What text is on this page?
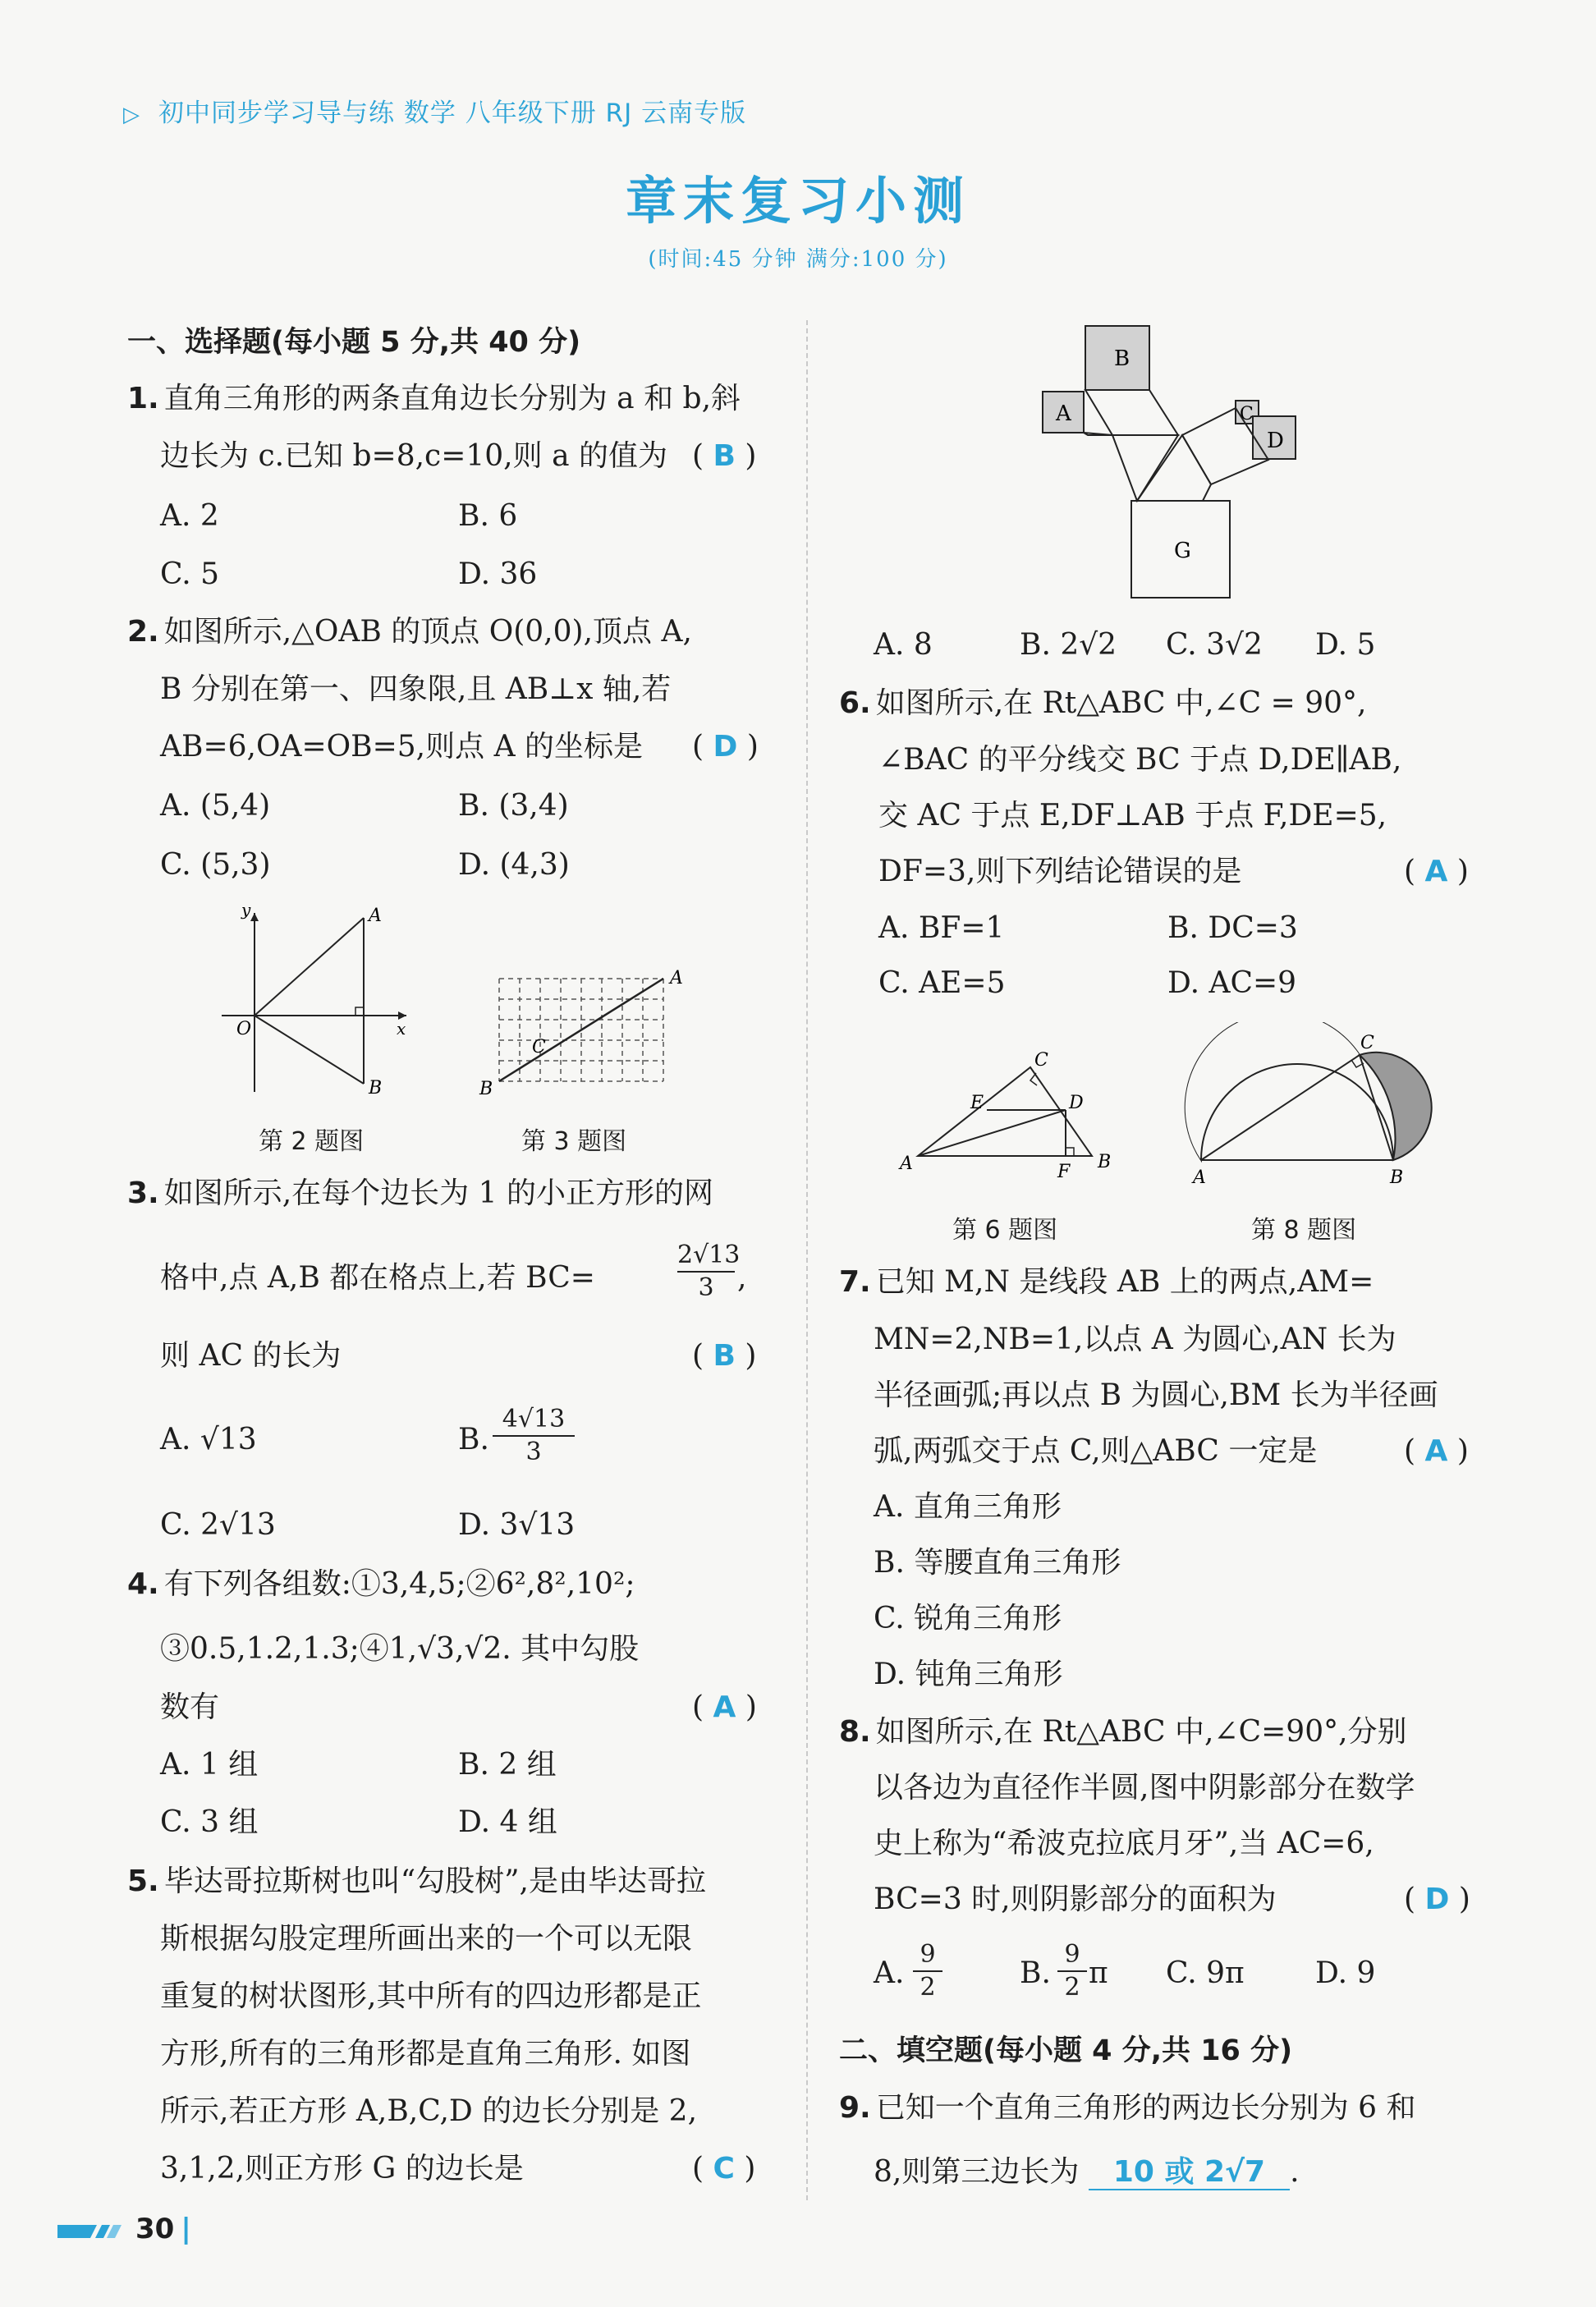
▷ 初中同步学习导与练 数学 八年级下册 RJ 云南专版
章末复习小测
(时间:45 分钟 满分:100 分)
一、选择题(每小题 5 分,共 40 分)
1. 直角三角形的两条直角边长分别为 a 和 b,斜
边长为 c.已知 b=8,c=10,则 a 的值为 ( B )
A. 2	B. 6
C. 5	D. 36
2. 如图所示,△OAB 的顶点 O(0,0),顶点 A,
B 分别在第一、四象限,且 AB⊥x 轴,若
AB=6,OA=OB=5,则点 A 的坐标是 ( D )
A. (5,4)	B. (3,4)
C. (5,3)	D. (4,3)
y
x
O
A
B
第 2 题图
A
B
C
第 3 题图
3. 如图所示,在每个边长为 1 的小正方形的网
格中,点 A,B 都在格点上,若 BC=	$\frac{2√13}{3}$ ,
则 AC 的长为	( B )
A. √13	B. $\frac{4√13}{3}$
C. 2√13	D. 3√13
4. 有下列各组数:①3,4,5;②6²,8²,10²;
③0.5,1.2,1.3;④1,√3,√2. 其中勾股
数有	( A )
A. 1 组	B. 2 组
C. 3 组	D. 4 组
5. 毕达哥拉斯树也叫“勾股树”,是由毕达哥拉
斯根据勾股定理所画出来的一个可以无限
重复的树状图形,其中所有的四边形都是正
方形,所有的三角形都是直角三角形. 如图
所示,若正方形 A,B,C,D 的边长分别是 2,
3,1,2,则正方形 G 的边长是	( C )
30 |
B
A	C
D
G
A. 8	B. 2√2 C. 3√2 D. 5
6. 如图所示,在 Rt△ABC 中,∠C = 90°,
∠BAC 的平分线交 BC 于点 D,DE∥AB,
交 AC 于点 E,DF⊥AB 于点 F,DE=5,
DF=3,则下列结论错误的是	( A )
A. BF=1	B. DC=3
C. AE=5	D. AC=9
A	B
C
D
E
F
第 6 题图
A	B
C
第 8 题图
7. 已知 M,N 是线段 AB 上的两点,AM=
MN=2,NB=1,以点 A 为圆心,AN 长为
半径画弧;再以点 B 为圆心,BM 长为半径画
弧,两弧交于点 C,则△ABC 一定是	( A )
A. 直角三角形
B. 等腰直角三角形
C. 锐角三角形
D. 钝角三角形
8. 如图所示,在 Rt△ABC 中,∠C=90°,分别
以各边为直径作半圆,图中阴影部分在数学
史上称为“希波克拉底月牙”,当 AC=6,
BC=3 时,则阴影部分的面积为	( D )
A. $\frac{9}{2}$	B. $\frac{9}{2}$ π C. 9π D. 9
二、填空题(每小题 4 分,共 16 分)
9. 已知一个直角三角形的两边长分别为 6 和
8,则第三边长为 10 或 2√7 .
